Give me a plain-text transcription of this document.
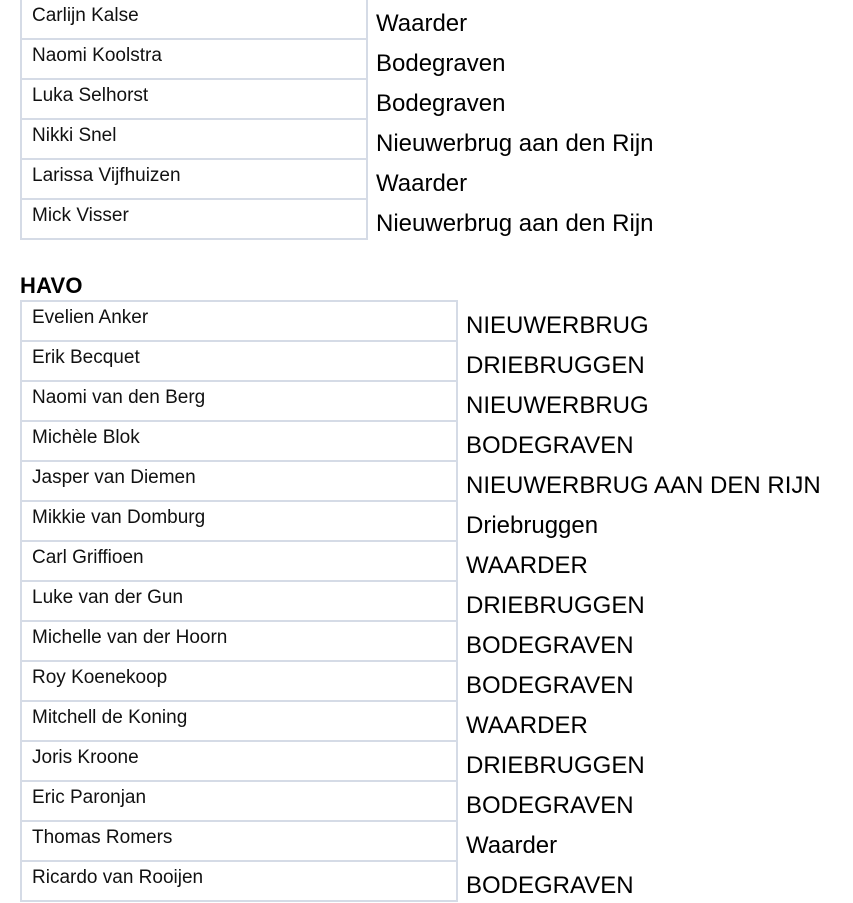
Carlijn Kalse	Waarder
Naomi Koolstra	Bodegraven
Luka Selhorst	Bodegraven
Nikki Snel	Nieuwerbrug aan den Rijn
Larissa Vijfhuizen	Waarder
Mick Visser	Nieuwerbrug aan den Rijn
HAVO
Evelien Anker	NIEUWERBRUG
Erik Becquet	DRIEBRUGGEN
Naomi van den Berg	NIEUWERBRUG
Michèle Blok	BODEGRAVEN
Jasper van Diemen	NIEUWERBRUG AAN DEN RIJN
Mikkie van Domburg	Driebruggen
Carl Griffioen	WAARDER
Luke van der Gun	DRIEBRUGGEN
Michelle van der Hoorn	BODEGRAVEN
Roy Koenekoop	BODEGRAVEN
Mitchell de Koning	WAARDER
Joris Kroone	DRIEBRUGGEN
Eric Paronjan	BODEGRAVEN
Thomas Romers	Waarder
Ricardo van Rooijen	BODEGRAVEN
